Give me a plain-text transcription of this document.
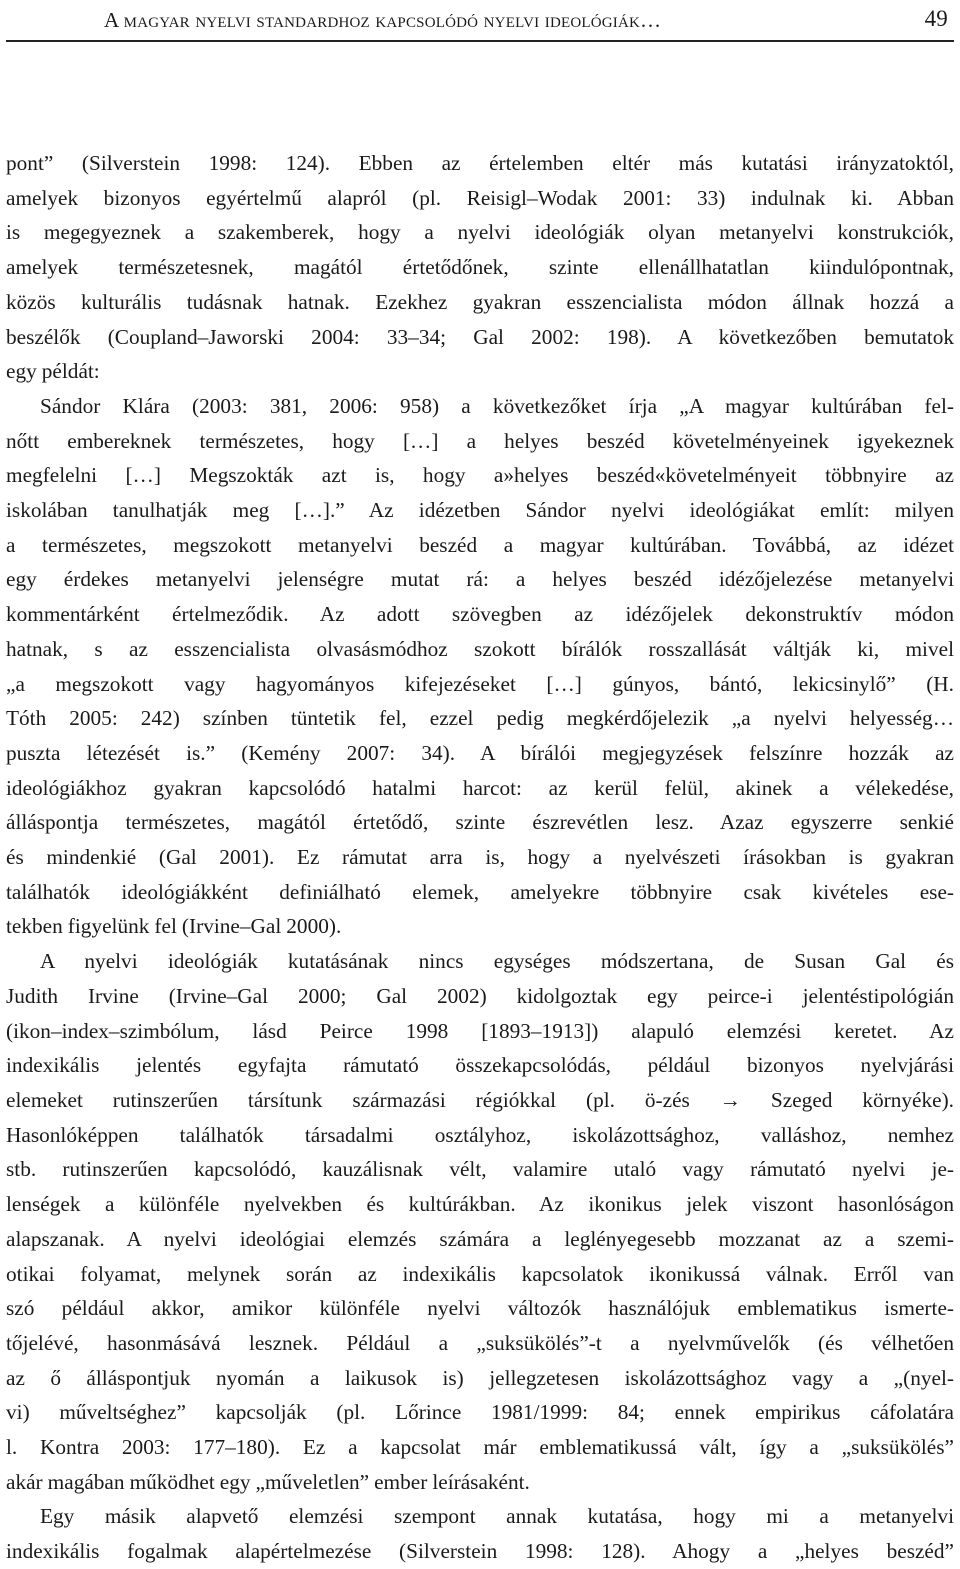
A magyar nyelvi standardhoz kapcsolódó nyelvi ideológiák…	49

pont” (Silverstein 1998: 124). Ebben az értelemben eltér más kutatási irányzatoktól,
amelyek bizonyos egyértelmű alapról (pl. Reisigl–Wodak 2001: 33) indulnak ki. Abban
is megegyeznek a szakemberek, hogy a nyelvi ideológiák olyan metanyelvi konstrukciók,
amelyek természetesnek, magától értetődőnek, szinte ellenállhatatlan kiindulópontnak,
közös kulturális tudásnak hatnak. Ezekhez gyakran esszencialista módon állnak hozzá a
beszélők (Coupland–Jaworski 2004: 33–34; Gal 2002: 198). A következőben bemutatok
egy példát:

Sándor Klára (2003: 381, 2006: 958) a következőket írja „A magyar kultúrában fel-
nőtt embereknek természetes, hogy […] a helyes beszéd követelményeinek igyekeznek
megfelelni […] Megszokták azt is, hogy a»helyes beszéd«követelményeit többnyire az
iskolában tanulhatják meg […].” Az idézetben Sándor nyelvi ideológiákat említ: milyen
a természetes, megszokott metanyelvi beszéd a magyar kultúrában. Továbbá, az idézet
egy érdekes metanyelvi jelenségre mutat rá: a helyes beszéd idézőjelezése metanyelvi
kommentárként értelmeződik. Az adott szövegben az idézőjelek dekonstruktív módon
hatnak, s az esszencialista olvasásmódhoz szokott bírálók rosszallását váltják ki, mivel
„a megszokott vagy hagyományos kifejezéseket […] gúnyos, bántó, lekicsinylő” (H.
Tóth 2005: 242) színben tüntetik fel, ezzel pedig megkérdőjelezik „a nyelvi helyesség…
puszta létezését is.” (Kemény 2007: 34). A bírálói megjegyzések felszínre hozzák az
ideológiákhoz gyakran kapcsolódó hatalmi harcot: az kerül felül, akinek a vélekedése,
álláspontja természetes, magától értetődő, szinte észrevétlen lesz. Azaz egyszerre senkié
és mindenkié (Gal 2001). Ez rámutat arra is, hogy a nyelvészeti írásokban is gyakran
találhatók ideológiákként definiálható elemek, amelyekre többnyire csak kivételes ese-
tekben figyelünk fel (Irvine–Gal 2000).

A nyelvi ideológiák kutatásának nincs egységes módszertana, de Susan Gal és
Judith Irvine (Irvine–Gal 2000; Gal 2002) kidolgoztak egy peirce-i jelentéstipológián
(ikon–index–szimbólum, lásd Peirce 1998 [1893–1913]) alapuló elemzési keretet. Az
indexikális jelentés egyfajta rámutató összekapcsolódás, például bizonyos nyelvjárási
elemeket rutinszerűen társítunk származási régiókkal (pl. ö-zés → Szeged környéke).
Hasonlóképpen találhatók társadalmi osztályhoz, iskolázottsághoz, valláshoz, nemhez
stb. rutinszerűen kapcsolódó, kauzálisnak vélt, valamire utaló vagy rámutató nyelvi je-
lenségek a különféle nyelvekben és kultúrákban. Az ikonikus jelek viszont hasonlóságon
alapszanak. A nyelvi ideológiai elemzés számára a leglényegesebb mozzanat az a szemi-
otikai folyamat, melynek során az indexikális kapcsolatok ikonikussá válnak. Erről van
szó például akkor, amikor különféle nyelvi változók használójuk emblematikus ismerte-
tőjelévé, hasonmásává lesznek. Például a „suksükölés”-t a nyelvművelők (és vélhetően
az ő álláspontjuk nyomán a laikusok is) jellegzetesen iskolázottsághoz vagy a „(nyel-
vi) műveltséghez” kapcsolják (pl. Lőrince 1981/1999: 84; ennek empirikus cáfolatára
l. Kontra 2003: 177–180). Ez a kapcsolat már emblematikussá vált, így a „suksükölés”
akár magában működhet egy „műveletlen” ember leírásaként.

Egy másik alapvető elemzési szempont annak kutatása, hogy mi a metanyelvi
indexikális fogalmak alapértelmezése (Silverstein 1998: 128). Ahogy a „helyes beszéd”
